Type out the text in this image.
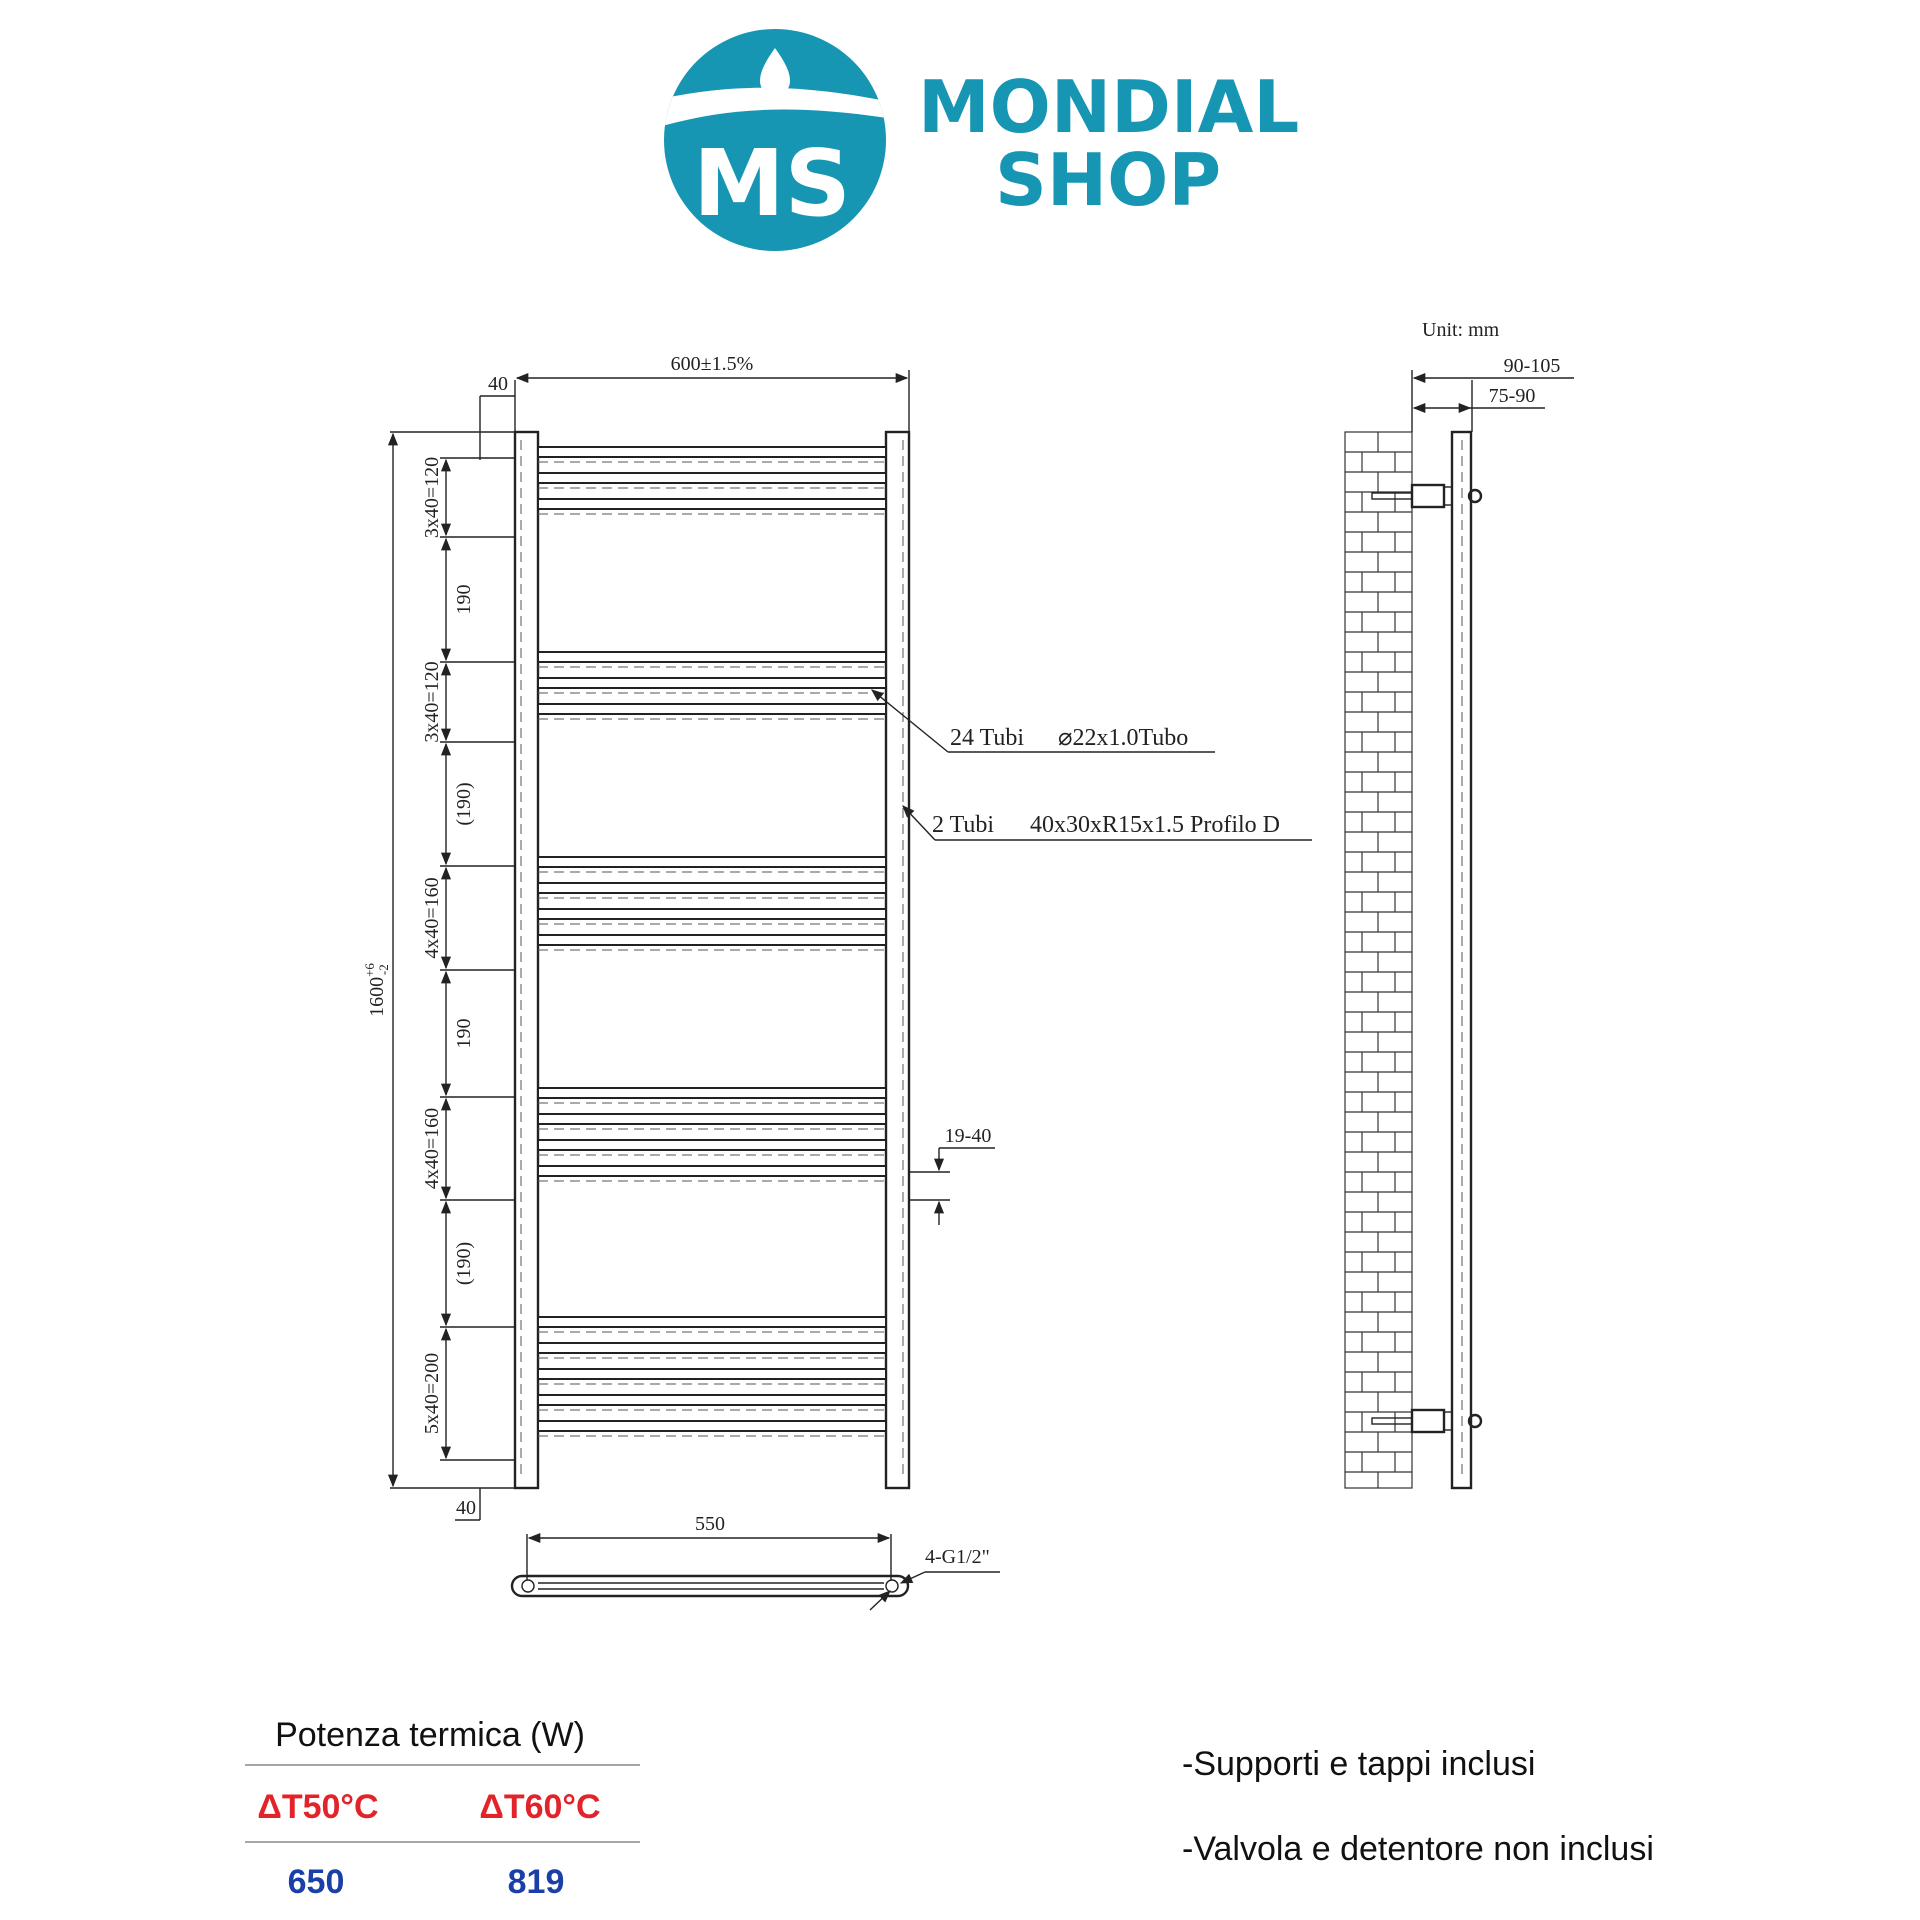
MS
MONDIAL
SHOP
600±1.5%
40
$1600^{+6}-2$
3x40=120
190
3x40=120
(190)
4x40=160
190
4x40=160
(190)
5x40=200
40
24 Tubi ⌀22x1.0Tubo
2 Tubi 40x30xR15x1.5 Profilo D
19-40
550
4-G1/2"
Unit: mm
90-105
75-90
Potenza termica (W)
ΔT50°C	ΔT60°C
650	819
-Supporti e tappi inclusi
-Valvola e detentore non inclusi
